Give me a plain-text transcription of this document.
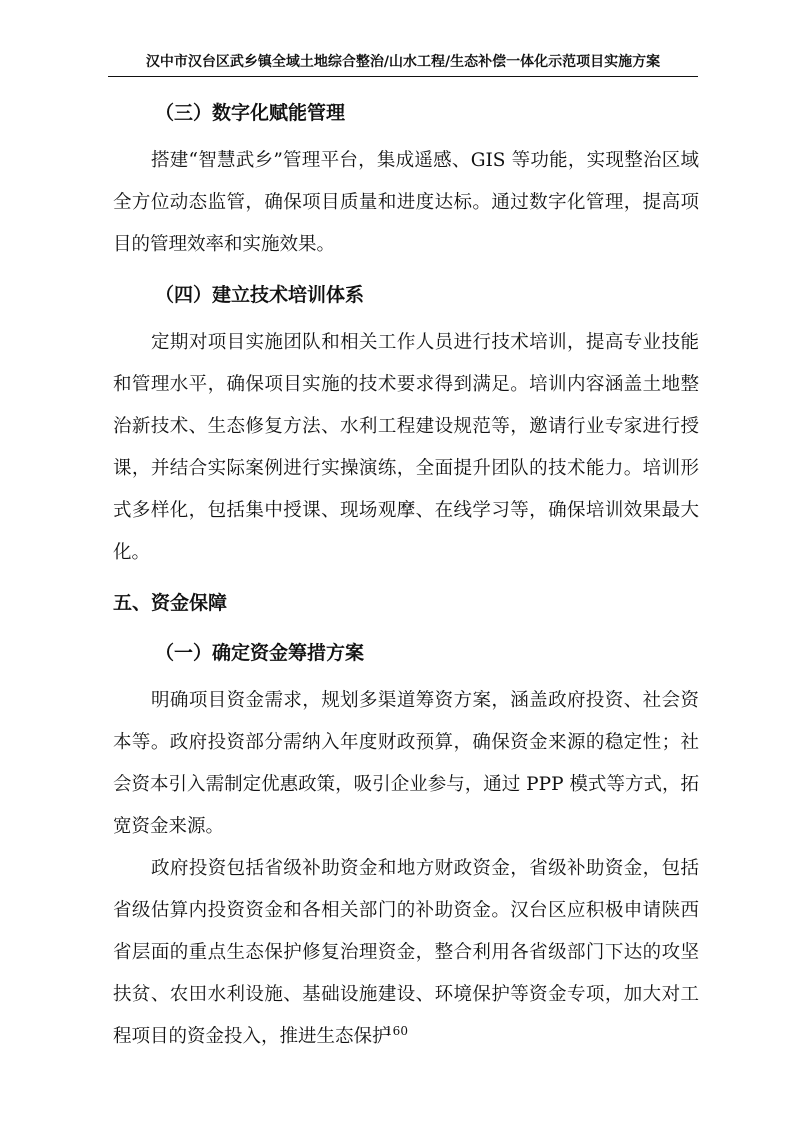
汉中市汉台区武乡镇全域土地综合整治/山水工程/生态补偿一体化示范项目实施方案
（三）数字化赋能管理

搭建“智慧武乡”管理平台，集成遥感、GIS 等功能，实现整治区域全方位动态监管，确保项目质量和进度达标。通过数字化管理，提高项目的管理效率和实施效果。

（四）建立技术培训体系

定期对项目实施团队和相关工作人员进行技术培训，提高专业技能和管理水平，确保项目实施的技术要求得到满足。培训内容涵盖土地整治新技术、生态修复方法、水利工程建设规范等，邀请行业专家进行授课，并结合实际案例进行实操演练，全面提升团队的技术能力。培训形式多样化，包括集中授课、现场观摩、在线学习等，确保培训效果最大化。

五、资金保障
（一）确定资金筹措方案

明确项目资金需求，规划多渠道筹资方案，涵盖政府投资、社会资本等。政府投资部分需纳入年度财政预算，确保资金来源的稳定性；社会资本引入需制定优惠政策，吸引企业参与，通过 PPP 模式等方式，拓宽资金来源。

政府投资包括省级补助资金和地方财政资金，省级补助资金，包括省级估算内投资资金和各相关部门的补助资金。汉台区应积极申请陕西省层面的重点生态保护修复治理资金，整合利用各省级部门下达的攻坚扶贫、农田水利设施、基础设施建设、环境保护等资金专项，加大对工程项目的资金投入，推进生态保护

160
